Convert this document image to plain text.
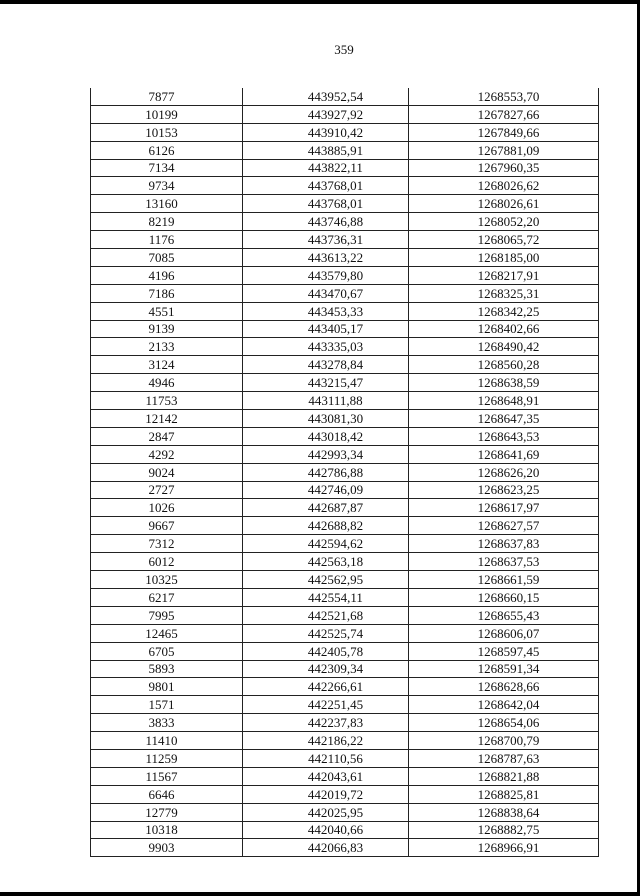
359
7877	443952,54	1268553,70
10199	443927,92	1267827,66
10153	443910,42	1267849,66
6126	443885,91	1267881,09
7134	443822,11	1267960,35
9734	443768,01	1268026,62
13160	443768,01	1268026,61
8219	443746,88	1268052,20
1176	443736,31	1268065,72
7085	443613,22	1268185,00
4196	443579,80	1268217,91
7186	443470,67	1268325,31
4551	443453,33	1268342,25
9139	443405,17	1268402,66
2133	443335,03	1268490,42
3124	443278,84	1268560,28
4946	443215,47	1268638,59
11753	443111,88	1268648,91
12142	443081,30	1268647,35
2847	443018,42	1268643,53
4292	442993,34	1268641,69
9024	442786,88	1268626,20
2727	442746,09	1268623,25
1026	442687,87	1268617,97
9667	442688,82	1268627,57
7312	442594,62	1268637,83
6012	442563,18	1268637,53
10325	442562,95	1268661,59
6217	442554,11	1268660,15
7995	442521,68	1268655,43
12465	442525,74	1268606,07
6705	442405,78	1268597,45
5893	442309,34	1268591,34
9801	442266,61	1268628,66
1571	442251,45	1268642,04
3833	442237,83	1268654,06
11410	442186,22	1268700,79
11259	442110,56	1268787,63
11567	442043,61	1268821,88
6646	442019,72	1268825,81
12779	442025,95	1268838,64
10318	442040,66	1268882,75
9903	442066,83	1268966,91
